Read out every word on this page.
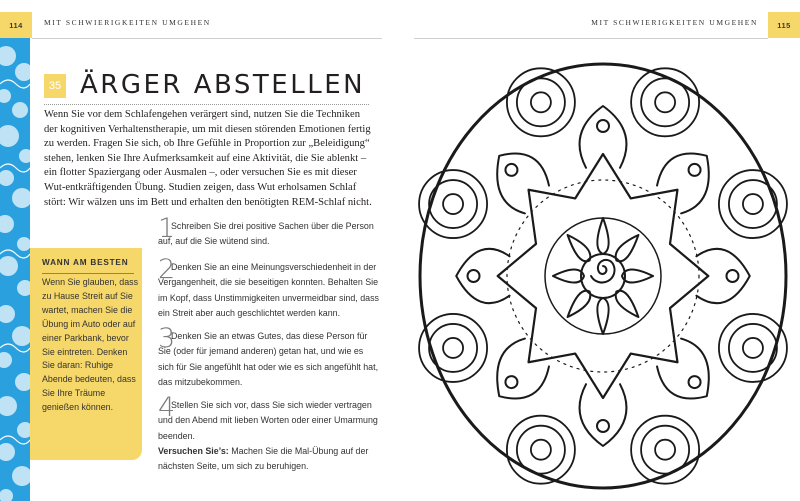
114	MIT SCHWIERIGKEITEN UMGEHEN	MIT SCHWIERIGKEITEN UMGEHEN	115
35 ÄRGER ABSTELLEN

Wenn Sie vor dem Schlafengehen verärgert sind, nutzen Sie die Techniken der kognitiven Verhaltenstherapie, um mit diesen störenden Emotionen fertig zu werden. Fragen Sie sich, ob Ihre Gefühle in Proportion zur „Beleidigung“ stehen, lenken Sie Ihre Aufmerksamkeit auf eine Aktivität, die Sie ablenkt – ein flotter Spaziergang oder Ausmalen –, oder versuchen Sie es mit dieser Wut-entkräftigenden Übung. Studien zeigen, dass Wut erholsamen Schlaf stört: Wir wälzen uns im Bett und erhalten den benötigten REM-Schlaf nicht.

WANN AM BESTEN
Wenn Sie glauben, dass zu Hause Streit auf Sie wartet, machen Sie die Übung im Auto oder auf einer Parkbank, bevor Sie eintreten. Denken Sie daran: Ruhige Abende bedeuten, dass Sie Ihre Träume genießen können.
1
Schreiben Sie drei positive Sachen über die Person auf, auf die Sie wütend sind.
2
Denken Sie an eine Meinungsverschiedenheit in der Vergangenheit, die sie beseitigen konnten. Behalten Sie im Kopf, dass Unstimmigkeiten unvermeidbar sind, dass ein Streit aber auch geschlichtet werden kann.
3
Denken Sie an etwas Gutes, das diese Person für Sie (oder für jemand anderen) getan hat, und wie es sich für Sie angefühlt hat oder wie es sich angefühlt hat, das mitzubekommen.
4
Stellen Sie sich vor, dass Sie sich wieder vertragen und den Abend mit lieben Worten oder einer Umarmung beenden.
Versuchen Sie’s: Machen Sie die Mal-Übung auf der nächsten Seite, um sich zu beruhigen.
